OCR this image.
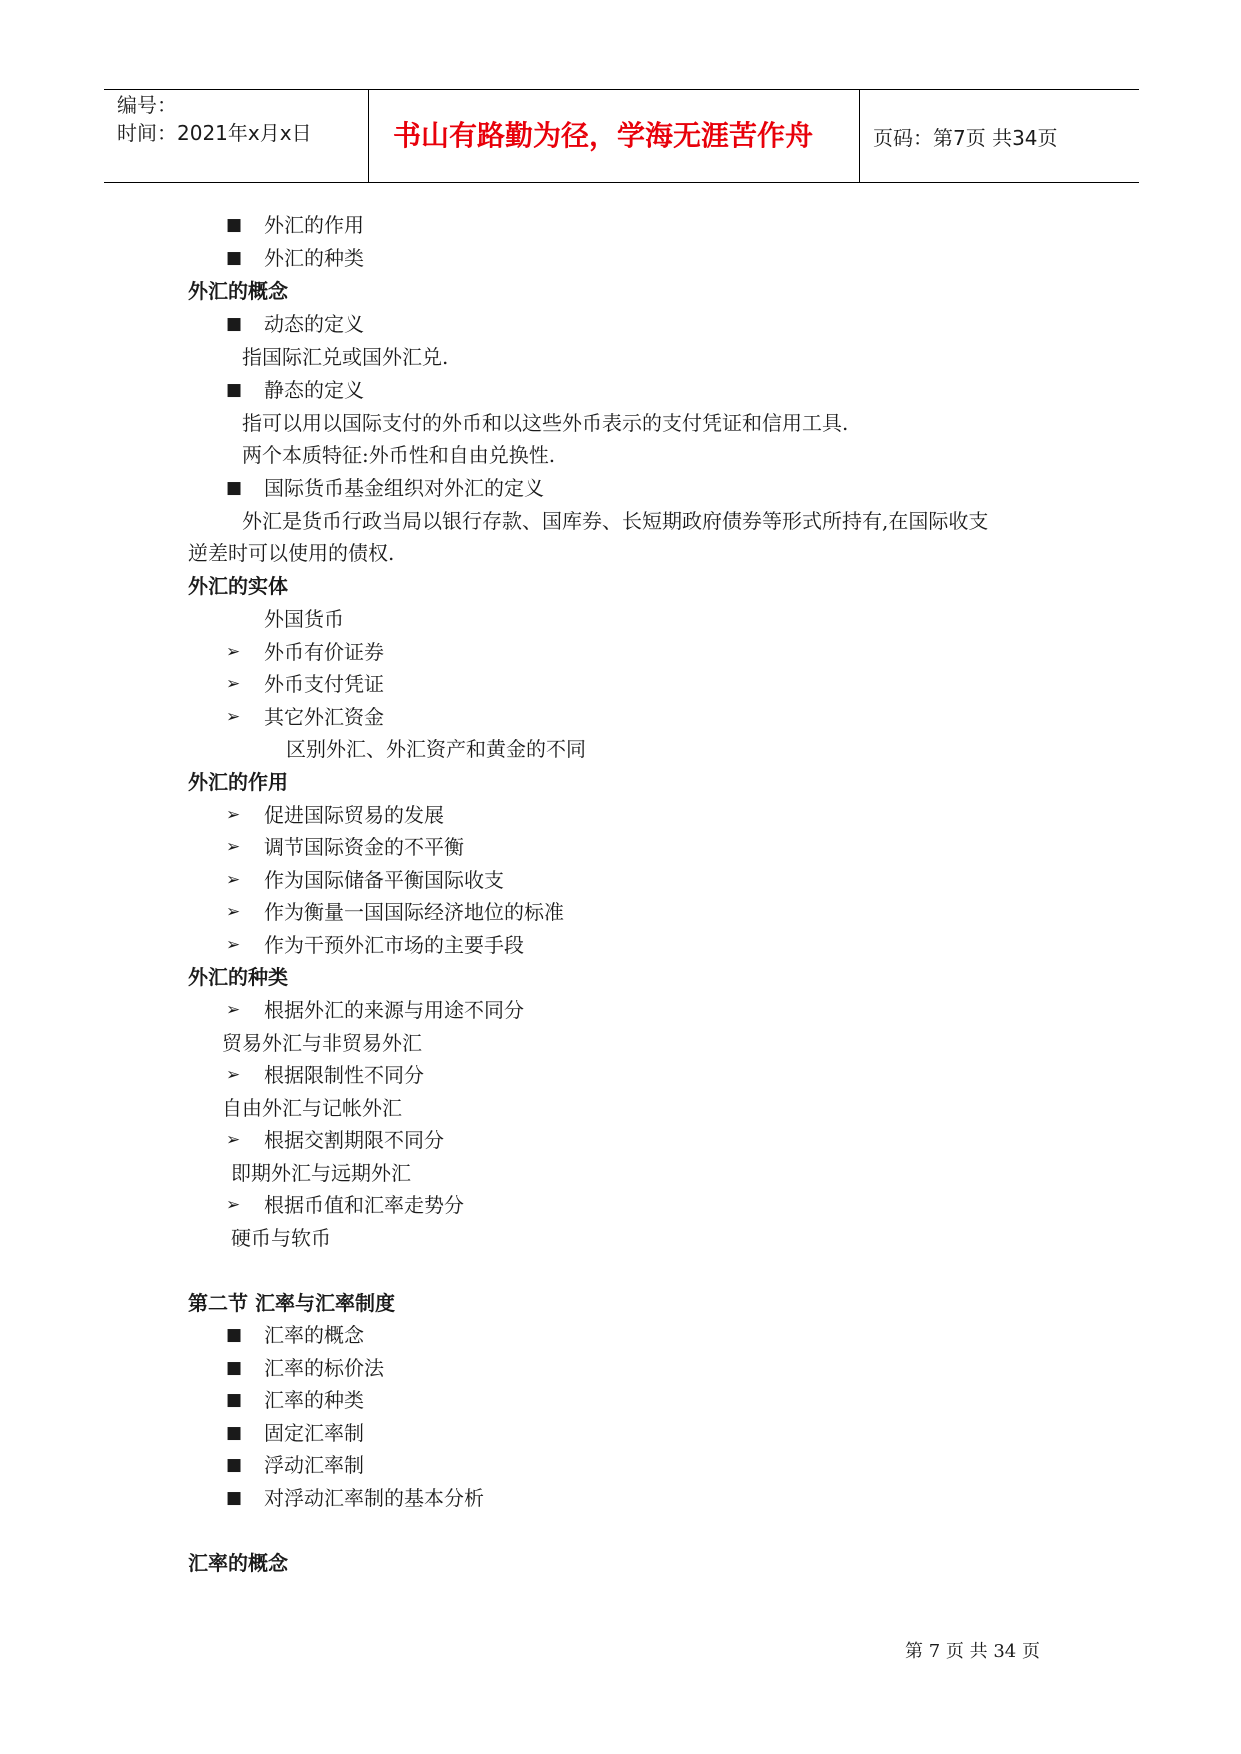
编号：
时间：2021年x月x日	书山有路勤为径，学海无涯苦作舟	页码：第7页 共34页
■ 外汇的作用
■ 外汇的种类
外汇的概念
■ 动态的定义
指国际汇兑或国外汇兑.
■ 静态的定义
指可以用以国际支付的外币和以这些外币表示的支付凭证和信用工具.
两个本质特征:外币性和自由兑换性.
■ 国际货币基金组织对外汇的定义
外汇是货币行政当局以银行存款、国库券、长短期政府债券等形式所持有,在国际收支
逆差时可以使用的债权.
外汇的实体
外国货币
➢ 外币有价证券
➢ 外币支付凭证
➢ 其它外汇资金
区别外汇、外汇资产和黄金的不同
外汇的作用
➢ 促进国际贸易的发展
➢ 调节国际资金的不平衡
➢ 作为国际储备平衡国际收支
➢ 作为衡量一国国际经济地位的标准
➢ 作为干预外汇市场的主要手段
外汇的种类
➢ 根据外汇的来源与用途不同分
贸易外汇与非贸易外汇
➢ 根据限制性不同分
自由外汇与记帐外汇
➢ 根据交割期限不同分
即期外汇与远期外汇
➢ 根据币值和汇率走势分
硬币与软币
第二节 汇率与汇率制度
■ 汇率的概念
■ 汇率的标价法
■ 汇率的种类
■ 固定汇率制
■ 浮动汇率制
■ 对浮动汇率制的基本分析
汇率的概念
第 7 页 共 34 页
